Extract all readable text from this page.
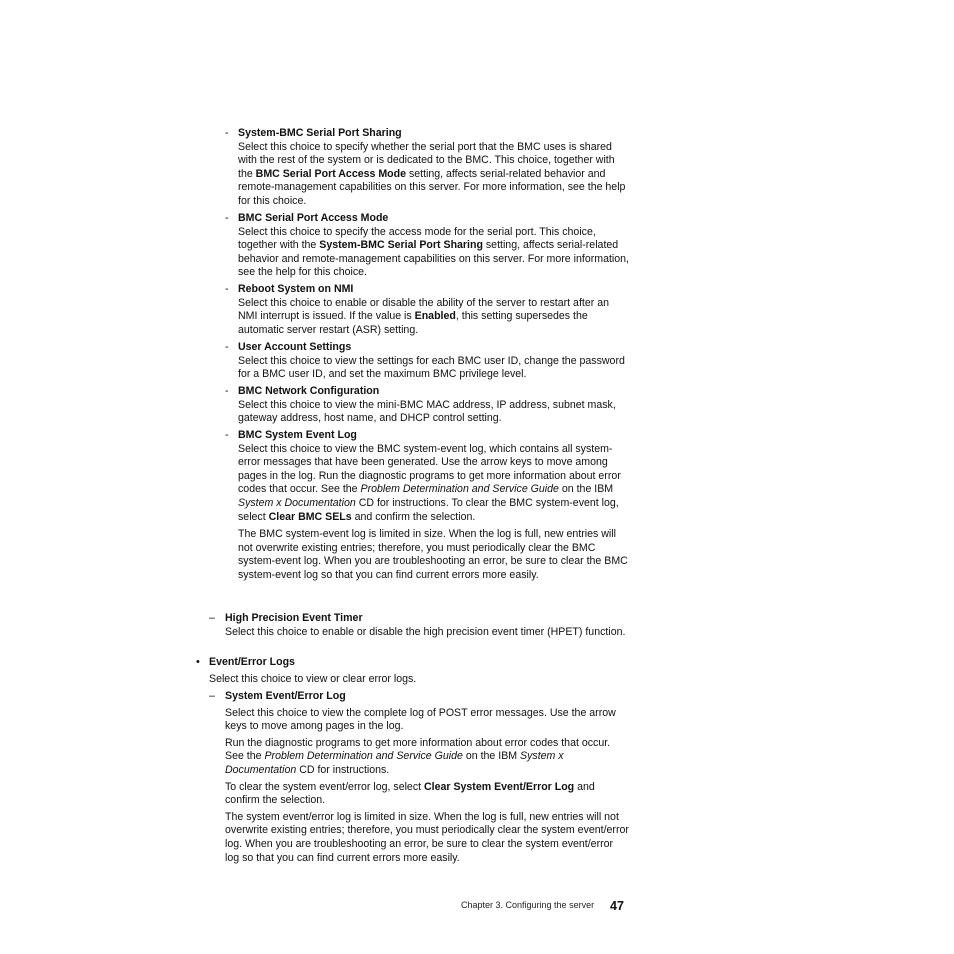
- System-BMC Serial Port Sharing

Select this choice to specify whether the serial port that the BMC uses is shared with the rest of the system or is dedicated to the BMC. This choice, together with the BMC Serial Port Access Mode setting, affects serial-related behavior and remote-management capabilities on this server. For more information, see the help for this choice.

- BMC Serial Port Access Mode

Select this choice to specify the access mode for the serial port. This choice, together with the System-BMC Serial Port Sharing setting, affects serial-related behavior and remote-management capabilities on this server. For more information, see the help for this choice.

- Reboot System on NMI

Select this choice to enable or disable the ability of the server to restart after an NMI interrupt is issued. If the value is Enabled, this setting supersedes the automatic server restart (ASR) setting.

- User Account Settings

Select this choice to view the settings for each BMC user ID, change the password for a BMC user ID, and set the maximum BMC privilege level.

- BMC Network Configuration

Select this choice to view the mini-BMC MAC address, IP address, subnet mask, gateway address, host name, and DHCP control setting.

- BMC System Event Log

Select this choice to view the BMC system-event log, which contains all system-error messages that have been generated. Use the arrow keys to move among pages in the log. Run the diagnostic programs to get more information about error codes that occur. See the Problem Determination and Service Guide on the IBM System x Documentation CD for instructions. To clear the BMC system-event log, select Clear BMC SELs and confirm the selection.

The BMC system-event log is limited in size. When the log is full, new entries will not overwrite existing entries; therefore, you must periodically clear the BMC system-event log. When you are troubleshooting an error, be sure to clear the BMC system-event log so that you can find current errors more easily.

– High Precision Event Timer

Select this choice to enable or disable the high precision event timer (HPET) function.

• Event/Error Logs

Select this choice to view or clear error logs.

– System Event/Error Log

Select this choice to view the complete log of POST error messages. Use the arrow keys to move among pages in the log.

Run the diagnostic programs to get more information about error codes that occur. See the Problem Determination and Service Guide on the IBM System x Documentation CD for instructions.

To clear the system event/error log, select Clear System Event/Error Log and confirm the selection.

The system event/error log is limited in size. When the log is full, new entries will not overwrite existing entries; therefore, you must periodically clear the system event/error log. When you are troubleshooting an error, be sure to clear the system event/error log so that you can find current errors more easily.

Chapter 3. Configuring the server 47
